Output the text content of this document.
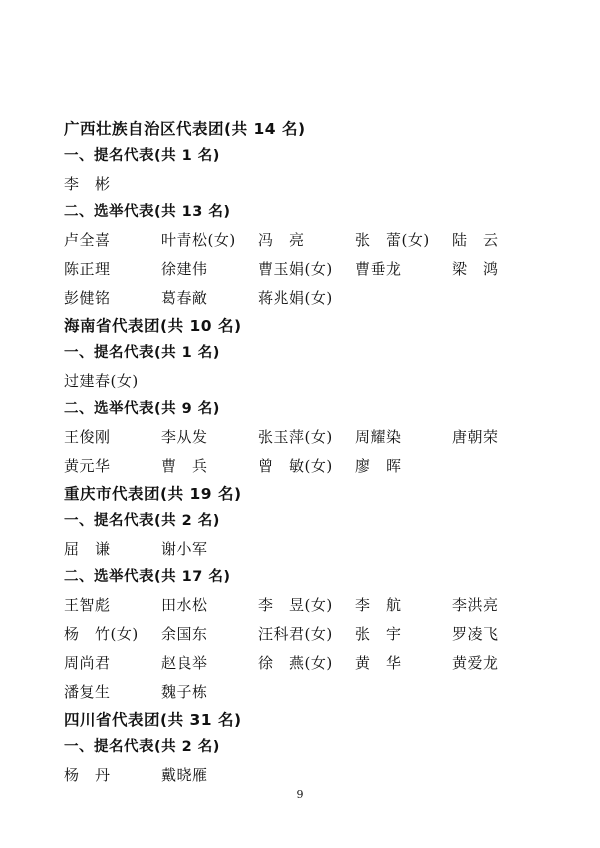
广西壮族自治区代表团(共 14 名)
一、提名代表(共 1 名)
李　彬
二、选举代表(共 13 名)
卢全喜	叶青松(女)	冯　亮	张　蕾(女)	陆　云
陈正理	徐建伟	曹玉娟(女)	曹垂龙	梁　鸿
彭健铭	葛春敵	蒋兆娟(女)
海南省代表团(共 10 名)
一、提名代表(共 1 名)
过建春(女)
二、选举代表(共 9 名)
王俊刚	李从发	张玉萍(女)	周耀染	唐朝荣
黄元华	曹　兵	曾　敏(女)	廖　晖
重庆市代表团(共 19 名)
一、提名代表(共 2 名)
屈　谦	谢小军
二、选举代表(共 17 名)
王智彪	田水松	李　昱(女)	李　航	李洪亮
杨　竹(女)	余国东	汪科君(女)	张　宇	罗凌飞
周尚君	赵良举	徐　燕(女)	黄　华	黄爱龙
潘复生	魏子栋
四川省代表团(共 31 名)
一、提名代表(共 2 名)
杨　丹	戴晓雁
9
